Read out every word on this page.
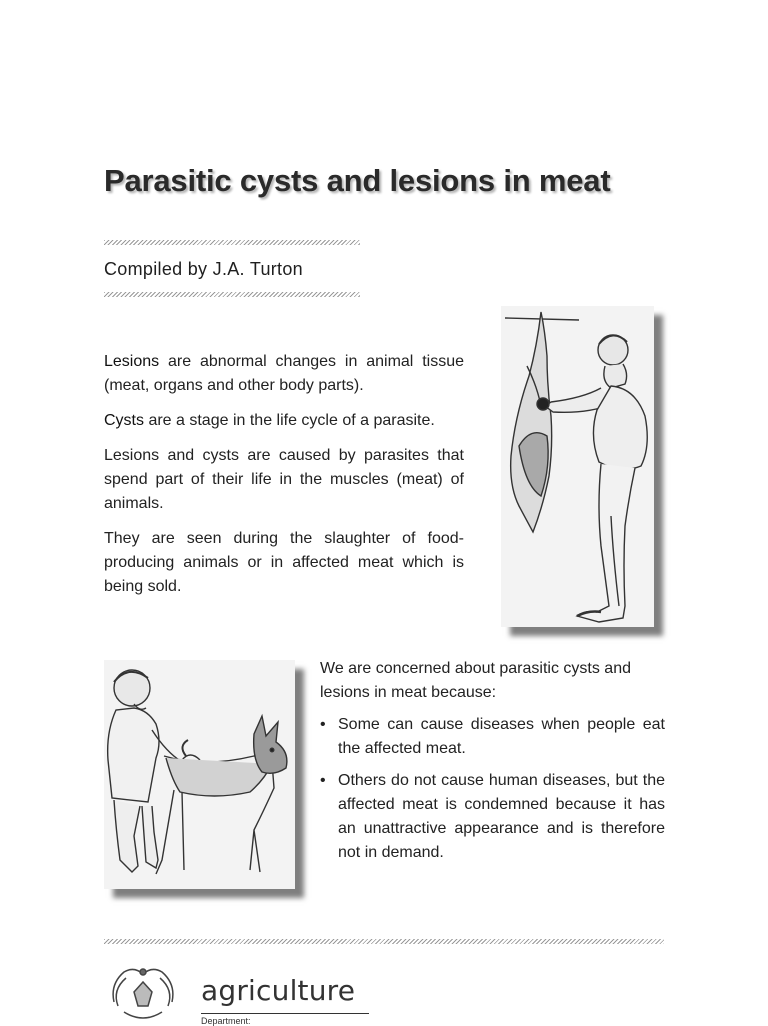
Parasitic cysts and lesions in meat

Compiled by J.A. Turton

Lesions are abnormal changes in animal tissue (meat, organs and other body parts).

Cysts are a stage in the life cycle of a parasite.

Lesions and cysts are caused by parasites that spend part of their life in the muscles (meat) of animals.

They are seen during the slaughter of food-producing animals or in affected meat which is being sold.

We are concerned about parasitic cysts and lesions in meat because:

• Some can cause diseases when people eat the affected meat.
• Others do not cause human diseases, but the affected meat is condemned because it has an unattractive appearance and is therefore not in demand.
agriculture
Department:
